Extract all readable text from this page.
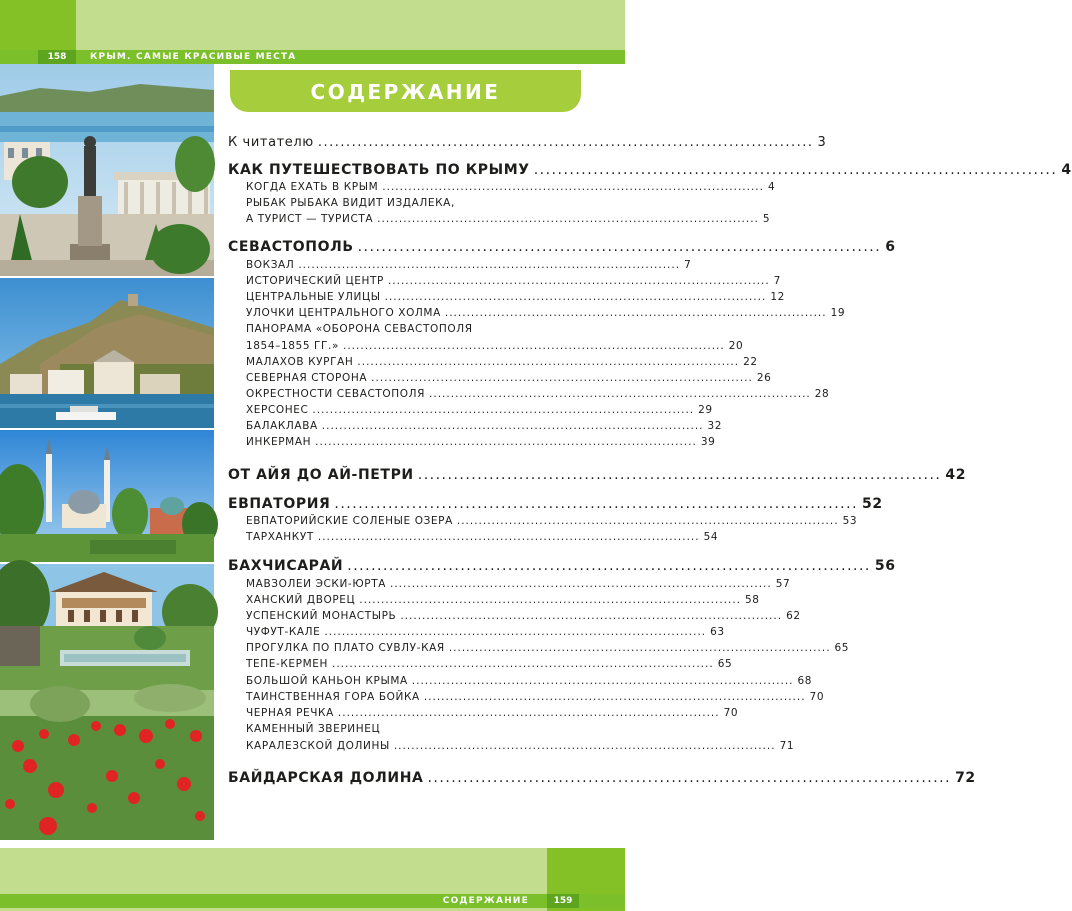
158	КРЫМ. САМЫЕ КРАСИВЫЕ МЕСТА
СОДЕРЖАНИЕ
К читателю ........................................................................................ 3
КАК ПУТЕШЕСТВОВАТЬ ПО КРЫМУ ........................................................................................ 4
КОГДА ЕХАТЬ В КРЫМ ........................................................................................ 4
РЫБАК РЫБАКА ВИДИТ ИЗДАЛЕКА,
А ТУРИСТ — ТУРИСТА ........................................................................................ 5
СЕВАСТОПОЛЬ ........................................................................................ 6
ВОКЗАЛ ........................................................................................ 7
ИСТОРИЧЕСКИЙ ЦЕНТР ........................................................................................ 7
ЦЕНТРАЛЬНЫЕ УЛИЦЫ ........................................................................................ 12
УЛОЧКИ ЦЕНТРАЛЬНОГО ХОЛМА ........................................................................................ 19
ПАНОРАМА «ОБОРОНА СЕВАСТОПОЛЯ
1854–1855 ГГ.» ........................................................................................ 20
МАЛАХОВ КУРГАН ........................................................................................ 22
СЕВЕРНАЯ СТОРОНА ........................................................................................ 26
ОКРЕСТНОСТИ СЕВАСТОПОЛЯ ........................................................................................ 28
ХЕРСОНЕС ........................................................................................ 29
БАЛАКЛАВА ........................................................................................ 32
ИНКЕРМАН ........................................................................................ 39
ОТ АЙЯ ДО АЙ-ПЕТРИ ........................................................................................ 42
ЕВПАТОРИЯ ........................................................................................ 52
ЕВПАТОРИЙСКИЕ СОЛЕНЫЕ ОЗЕРА ........................................................................................ 53
ТАРХАНКУТ ........................................................................................ 54
БАХЧИСАРАЙ ........................................................................................ 56
МАВЗОЛЕИ ЭСКИ-ЮРТА ........................................................................................ 57
ХАНСКИЙ ДВОРЕЦ ........................................................................................ 58
УСПЕНСКИЙ МОНАСТЫРЬ ........................................................................................ 62
ЧУФУТ-КАЛЕ ........................................................................................ 63
ПРОГУЛКА ПО ПЛАТО СУВЛУ-КАЯ ........................................................................................ 65
ТЕПЕ-КЕРМЕН ........................................................................................ 65
БОЛЬШОЙ КАНЬОН КРЫМА ........................................................................................ 68
ТАИНСТВЕННАЯ ГОРА БОЙКА ........................................................................................ 70
ЧЕРНАЯ РЕЧКА ........................................................................................ 70
КАМЕННЫЙ ЗВЕРИНЕЦ
КАРАЛЕЗСКОЙ ДОЛИНЫ ........................................................................................ 71
БАЙДАРСКАЯ ДОЛИНА ........................................................................................ 72
СОДЕРЖАНИЕ	159
